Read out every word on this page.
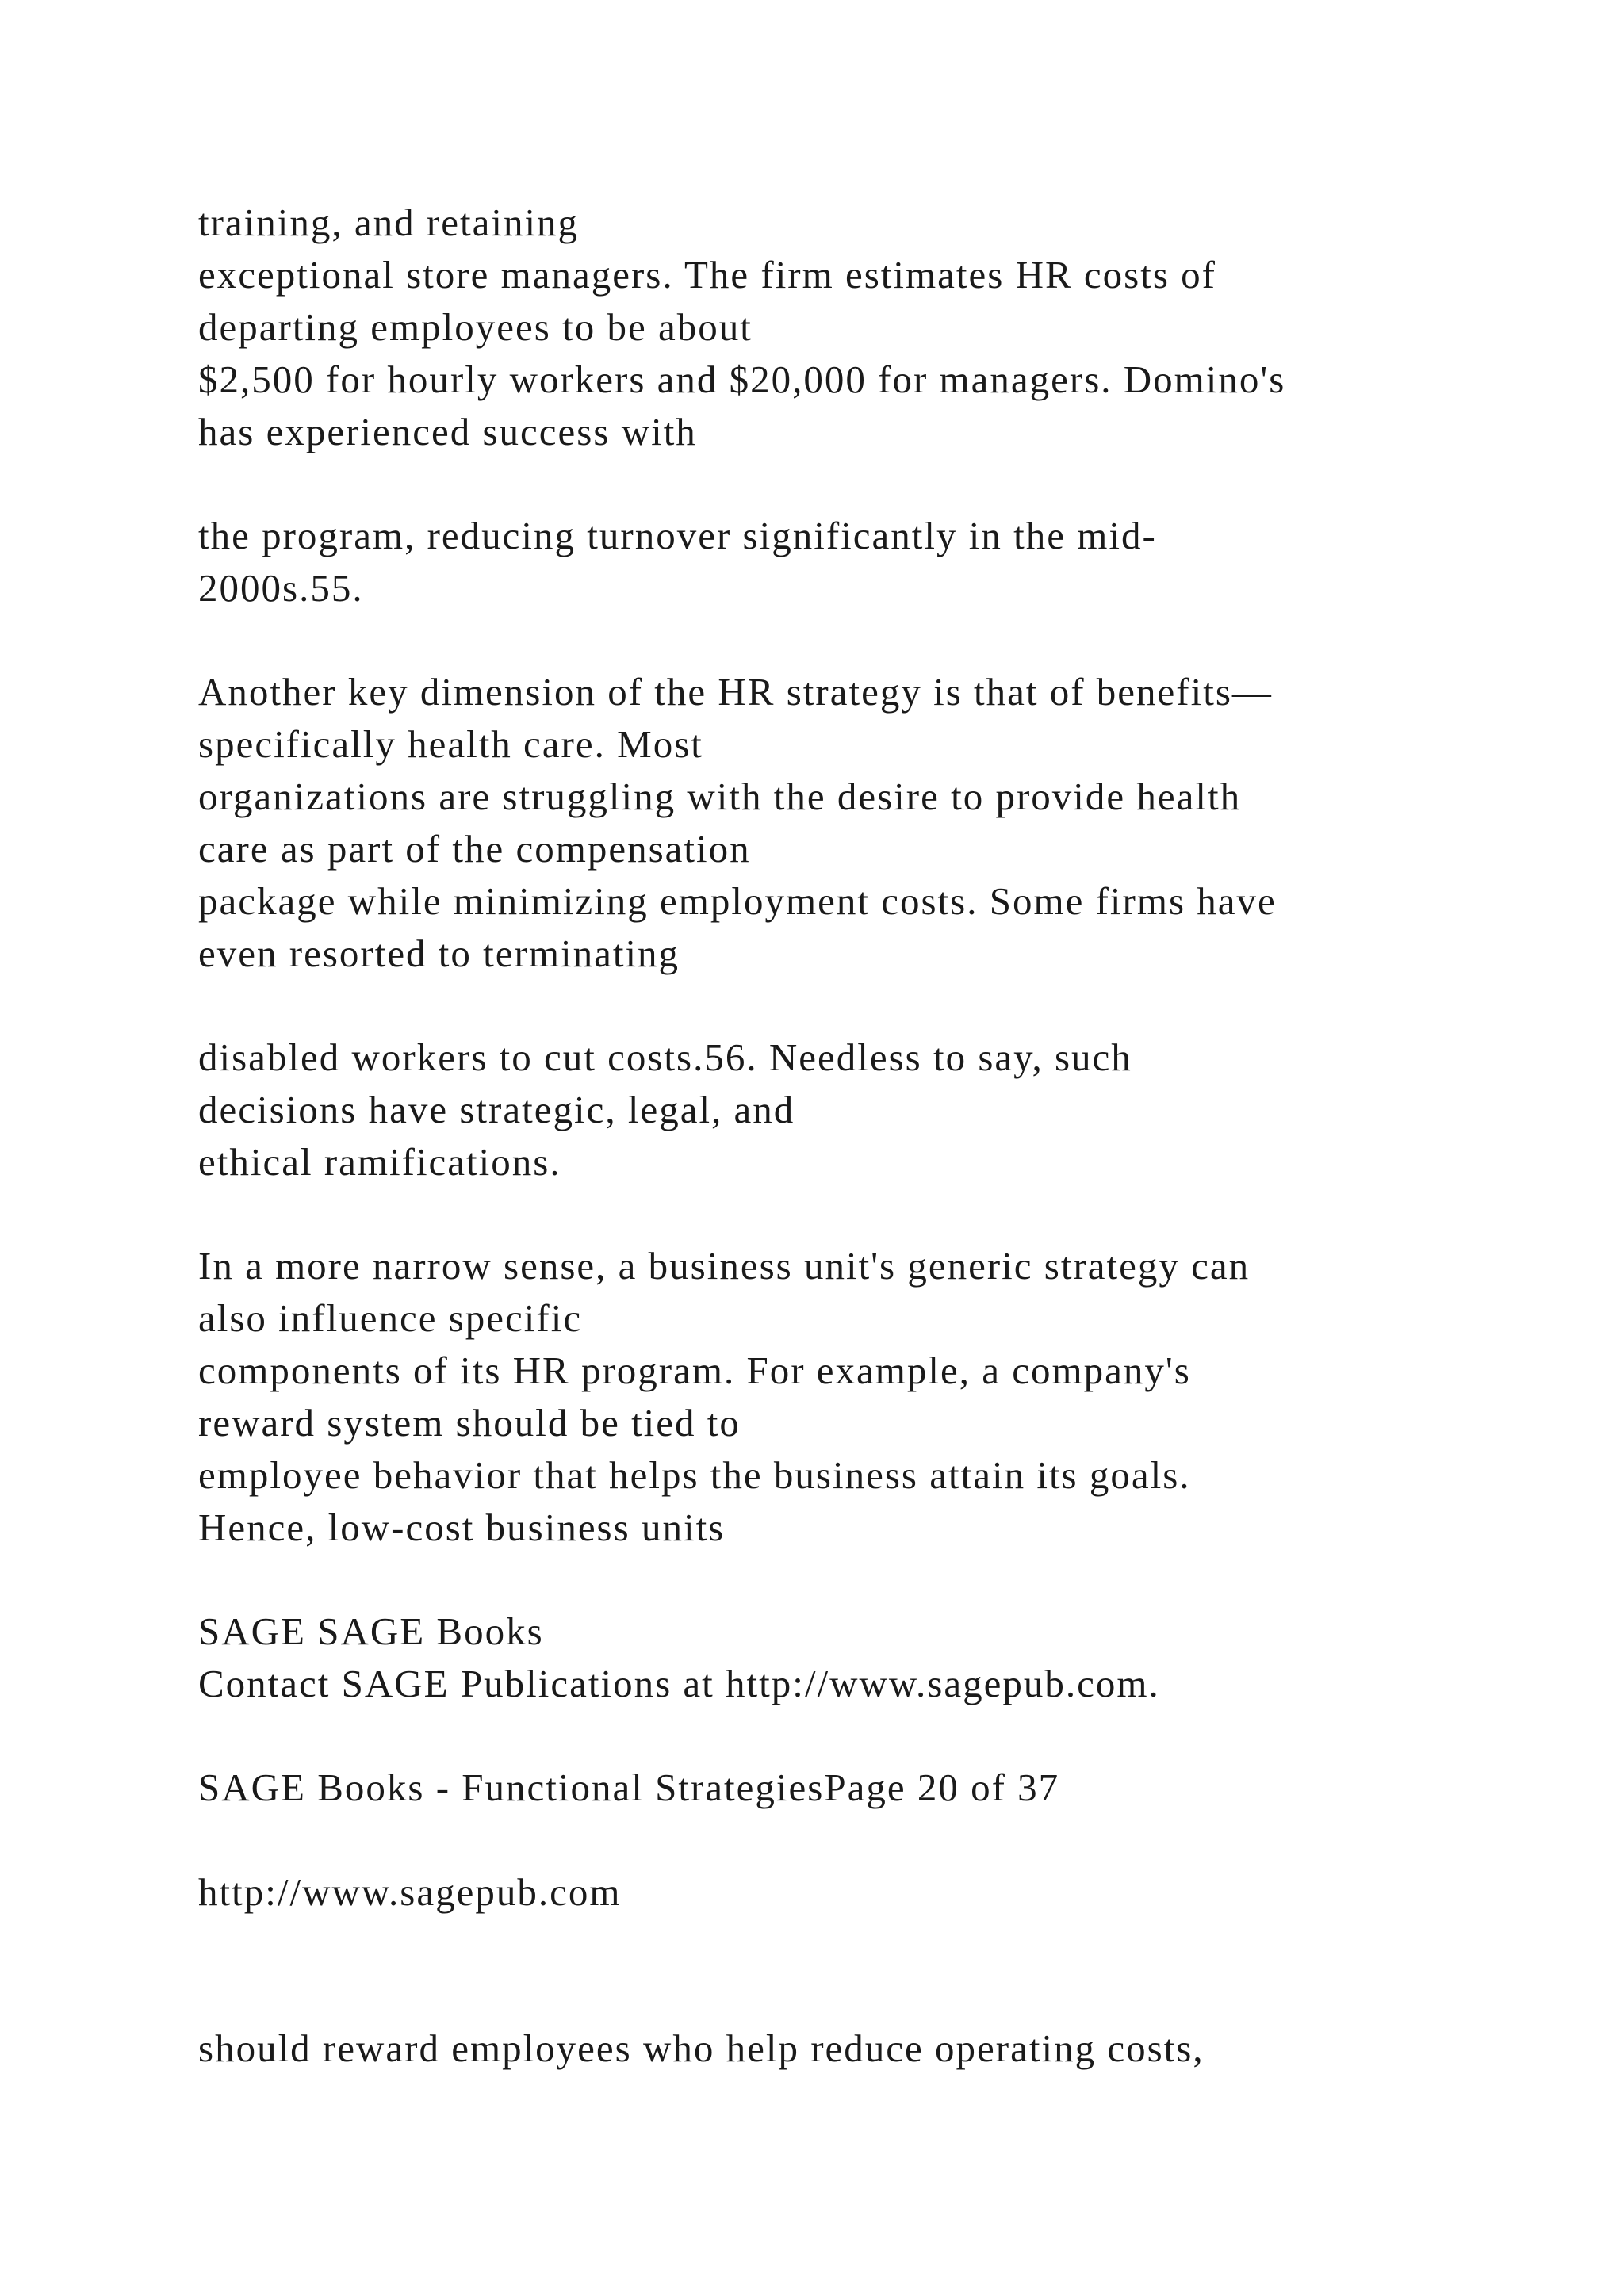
training, and retaining

exceptional store managers. The firm estimates HR costs of

departing employees to be about

$2,500 for hourly workers and $20,000 for managers. Domino's

has experienced success with

the program, reducing turnover significantly in the mid-

2000s.55.

Another key dimension of the HR strategy is that of benefits—

specifically health care. Most

organizations are struggling with the desire to provide health

care as part of the compensation

package while minimizing employment costs. Some firms have

even resorted to terminating

disabled workers to cut costs.56. Needless to say, such

decisions have strategic, legal, and

ethical ramifications.

In a more narrow sense, a business unit's generic strategy can

also influence specific

components of its HR program. For example, a company's

reward system should be tied to

employee behavior that helps the business attain its goals.

Hence, low-cost business units

SAGE SAGE Books

Contact SAGE Publications at http://www.sagepub.com.

SAGE Books - Functional StrategiesPage 20 of 37

http://www.sagepub.com

should reward employees who help reduce operating costs,
